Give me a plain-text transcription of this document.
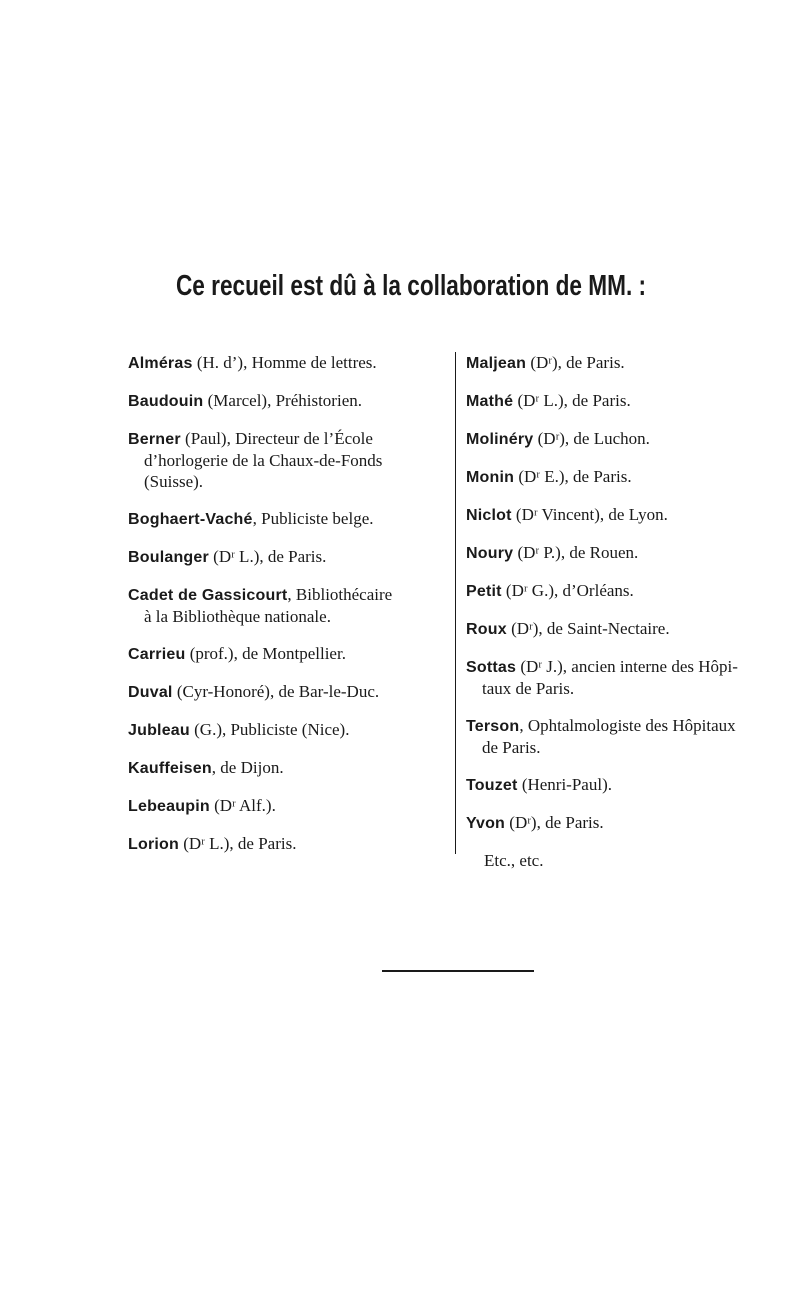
Ce recueil est dû à la collaboration de MM. :
Alméras (H. d’), Homme de lettres.
Baudouin (Marcel), Préhistorien.
Berner (Paul), Directeur de l’École
d’horlogerie de la Chaux-de-Fonds (Suisse).
Boghaert-Vaché, Publiciste belge.
Boulanger (Dʳ L.), de Paris.
Cadet de Gassicourt, Bibliothécaire
à la Bibliothèque nationale.
Carrieu (prof.), de Montpellier.
Duval (Cyr-Honoré), de Bar-le-Duc.
Jubleau (G.), Publiciste (Nice).
Kauffeisen, de Dijon.
Lebeaupin (Dʳ Alf.).
Lorion (Dʳ L.), de Paris.
Maljean (Dʳ), de Paris.
Mathé (Dʳ L.), de Paris.
Molinéry (Dʳ), de Luchon.
Monin (Dʳ E.), de Paris.
Niclot (Dʳ Vincent), de Lyon.
Noury (Dʳ P.), de Rouen.
Petit (Dʳ G.), d’Orléans.
Roux (Dʳ), de Saint-Nectaire.
Sottas (Dʳ J.), ancien interne des Hôpi-
taux de Paris.
Terson, Ophtalmologiste des Hôpitaux
de Paris.
Touzet (Henri-Paul).
Yvon (Dʳ), de Paris.
Etc., etc.
